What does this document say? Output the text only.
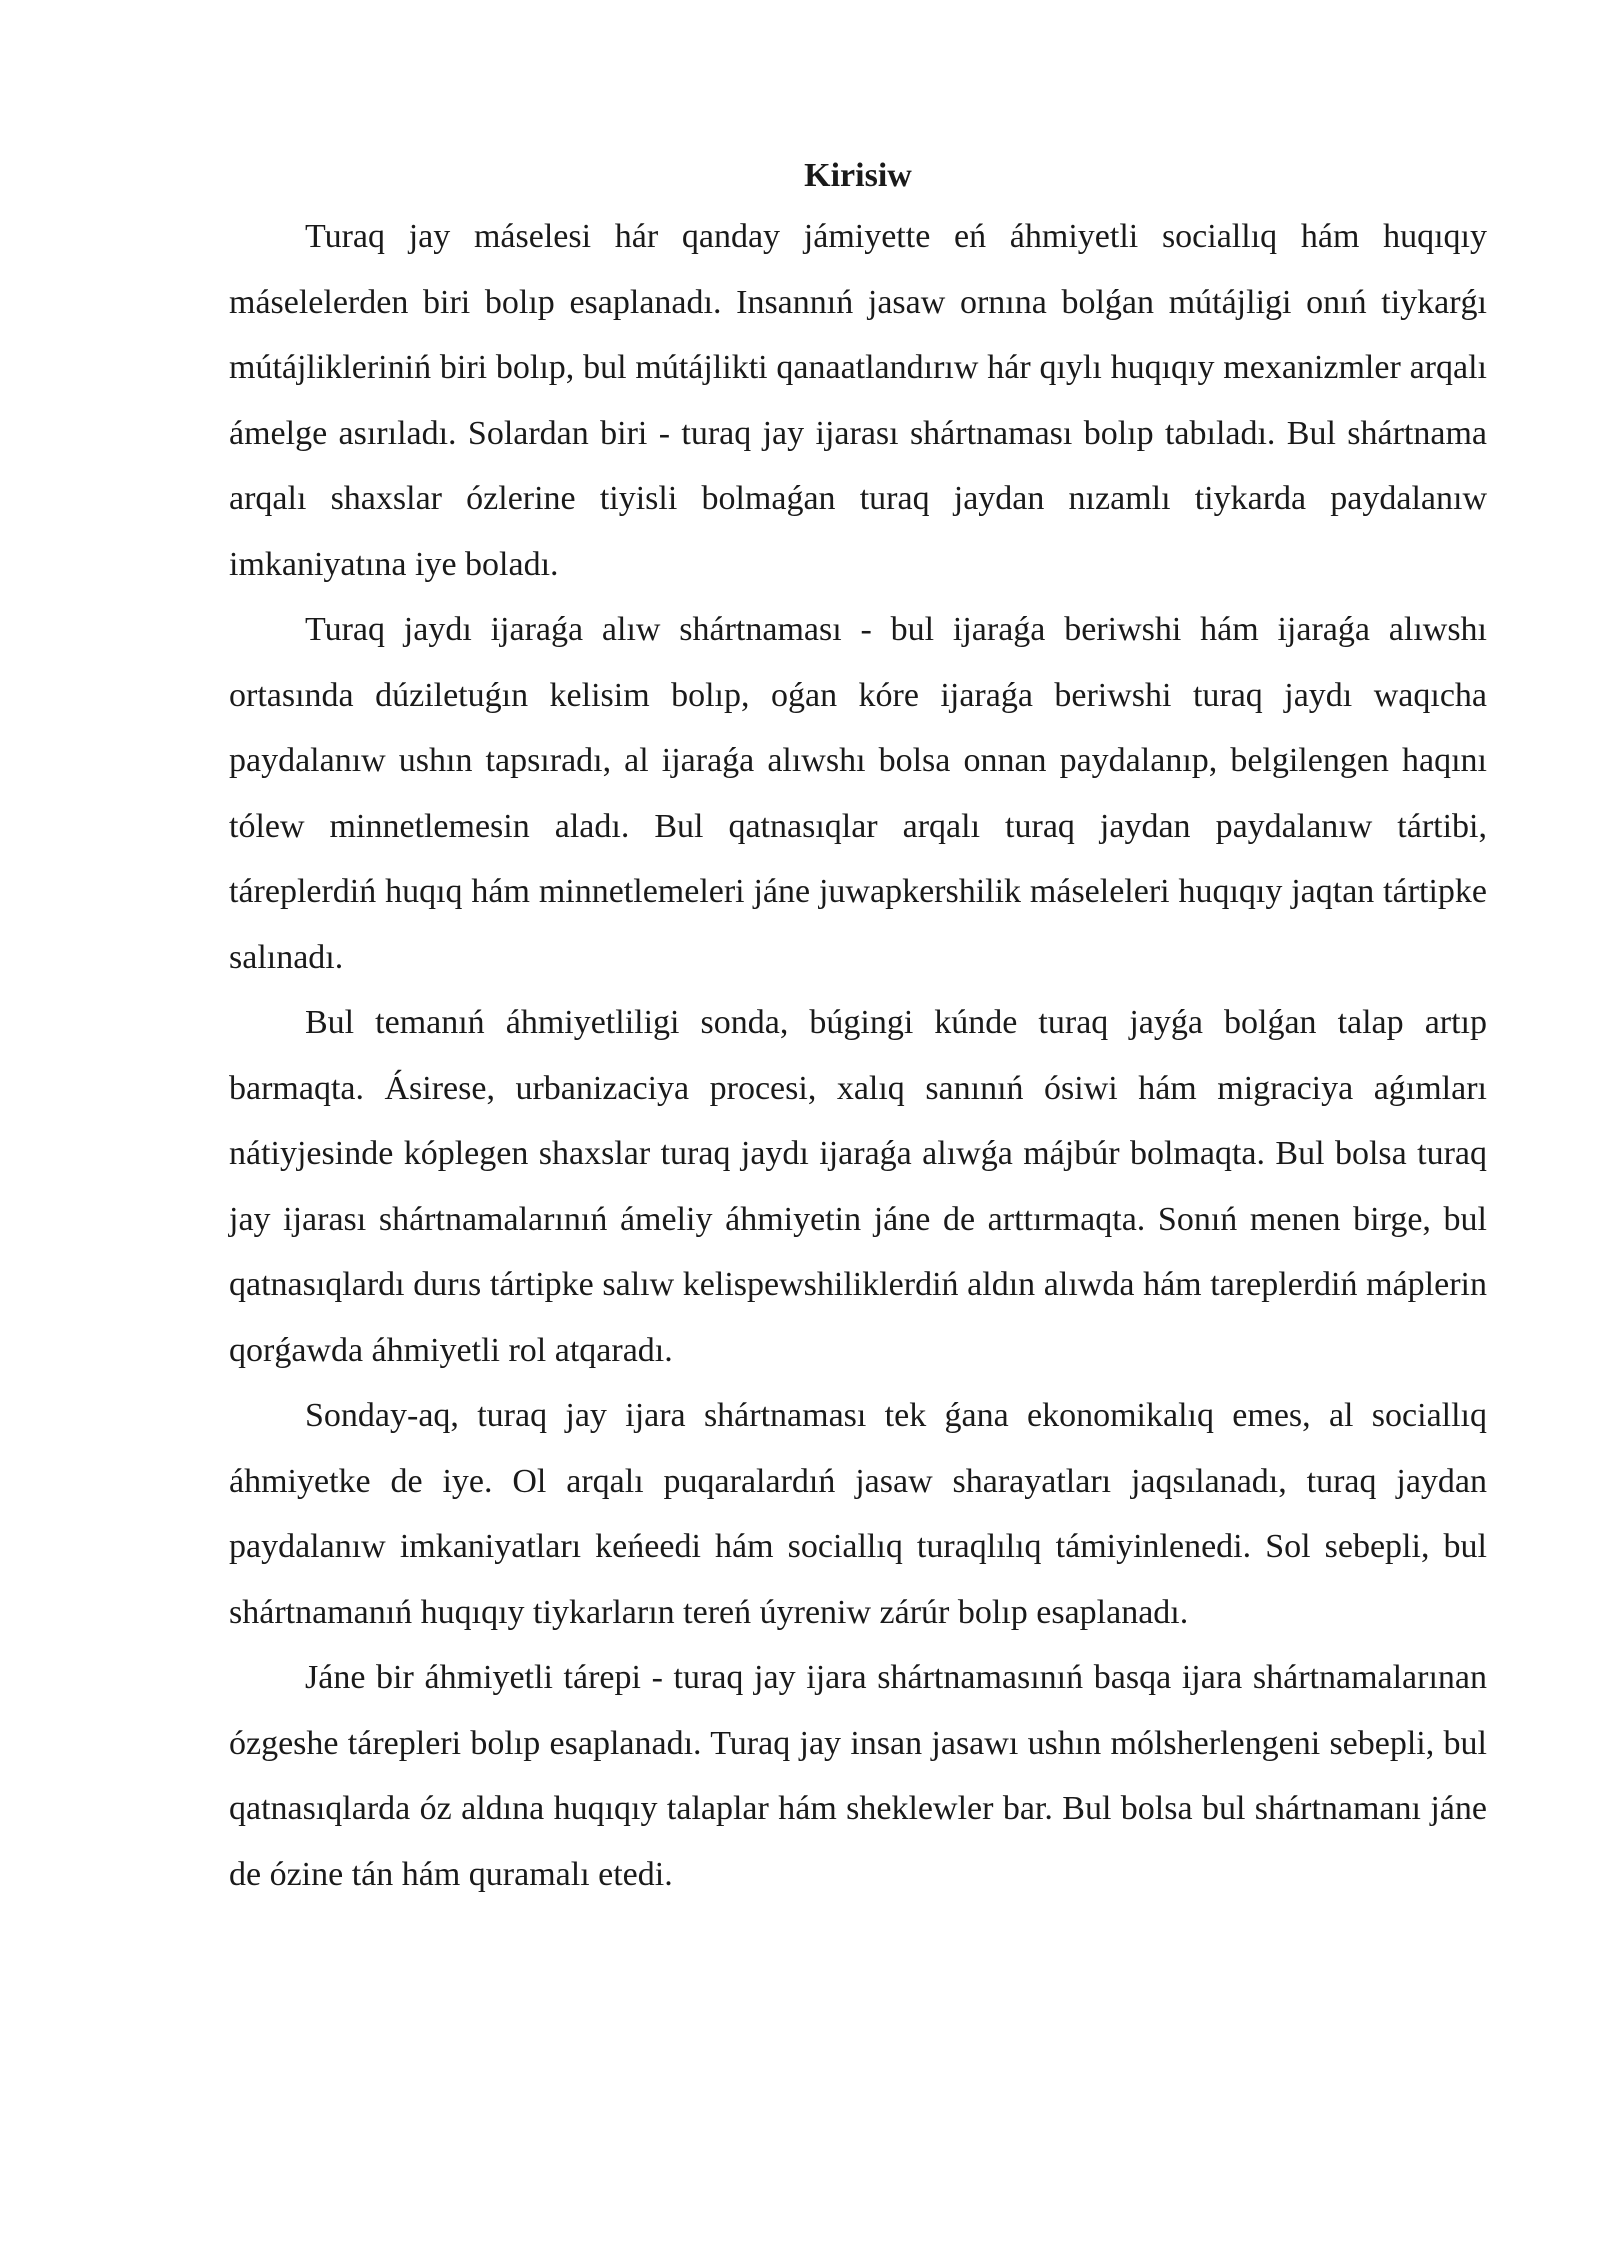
Kirisiw

Turaq jay máselesi hár qanday jámiyette eń áhmiyetli sociallıq hám huqıqıy máselelerden biri bolıp esaplanadı. Insannıń jasaw ornına bolǵan mútájligi onıń tiykarǵı mútájlikleriniń biri bolıp, bul mútájlikti qanaatlandırıw hár qıylı huqıqıy mexanizmler arqalı ámelge asırıladı. Solardan biri - turaq jay ijarası shártnaması bolıp tabıladı. Bul shártnama arqalı shaxslar ózlerine tiyisli bolmaǵan turaq jaydan nızamlı tiykarda paydalanıw imkaniyatına iye boladı.

Turaq jaydı ijaraǵa alıw shártnaması - bul ijaraǵa beriwshi hám ijaraǵa alıwshı ortasında dúziletuǵın kelisim bolıp, oǵan kóre ijaraǵa beriwshi turaq jaydı waqıcha paydalanıw ushın tapsıradı, al ijaraǵa alıwshı bolsa onnan paydalanıp, belgilengen haqını tólew minnetlemesin aladı. Bul qatnasıqlar arqalı turaq jaydan paydalanıw tártibi, táreplerdiń huqıq hám minnetlemeleri jáne juwapkershilik máseleleri huqıqıy jaqtan tártipke salınadı.

Bul temanıń áhmiyetliligi sonda, búgingi kúnde turaq jayǵa bolǵan talap artıp barmaqta. Ásirese, urbanizaciya procesi, xalıq sanınıń ósiwi hám migraciya aǵımları nátiyjesinde kóplegen shaxslar turaq jaydı ijaraǵa alıwǵa májbúr bolmaqta. Bul bolsa turaq jay ijarası shártnamalarınıń ámeliy áhmiyetin jáne de arttırmaqta. Sonıń menen birge, bul qatnasıqlardı durıs tártipke salıw kelispewshiliklerdiń aldın alıwda hám tareplerdiń máplerin qorǵawda áhmiyetli rol atqaradı.

Sonday-aq, turaq jay ijara shártnaması tek ǵana ekonomikalıq emes, al sociallıq áhmiyetke de iye. Ol arqalı puqaralardıń jasaw sharayatları jaqsılanadı, turaq jaydan paydalanıw imkaniyatları keńeedi hám sociallıq turaqlılıq támiyinlenedi. Sol sebepli, bul shártnamanıń huqıqıy tiykarların tereń úyreniw zárúr bolıp esaplanadı.

Jáne bir áhmiyetli tárepi - turaq jay ijara shártnamasınıń basqa ijara shártnamalarınan ózgeshe tárepleri bolıp esaplanadı. Turaq jay insan jasawı ushın mólsherlengeni sebepli, bul qatnasıqlarda óz aldına huqıqıy talaplar hám sheklewler bar. Bul bolsa bul shártnamanı jáne de ózine tán hám quramalı etedi.
